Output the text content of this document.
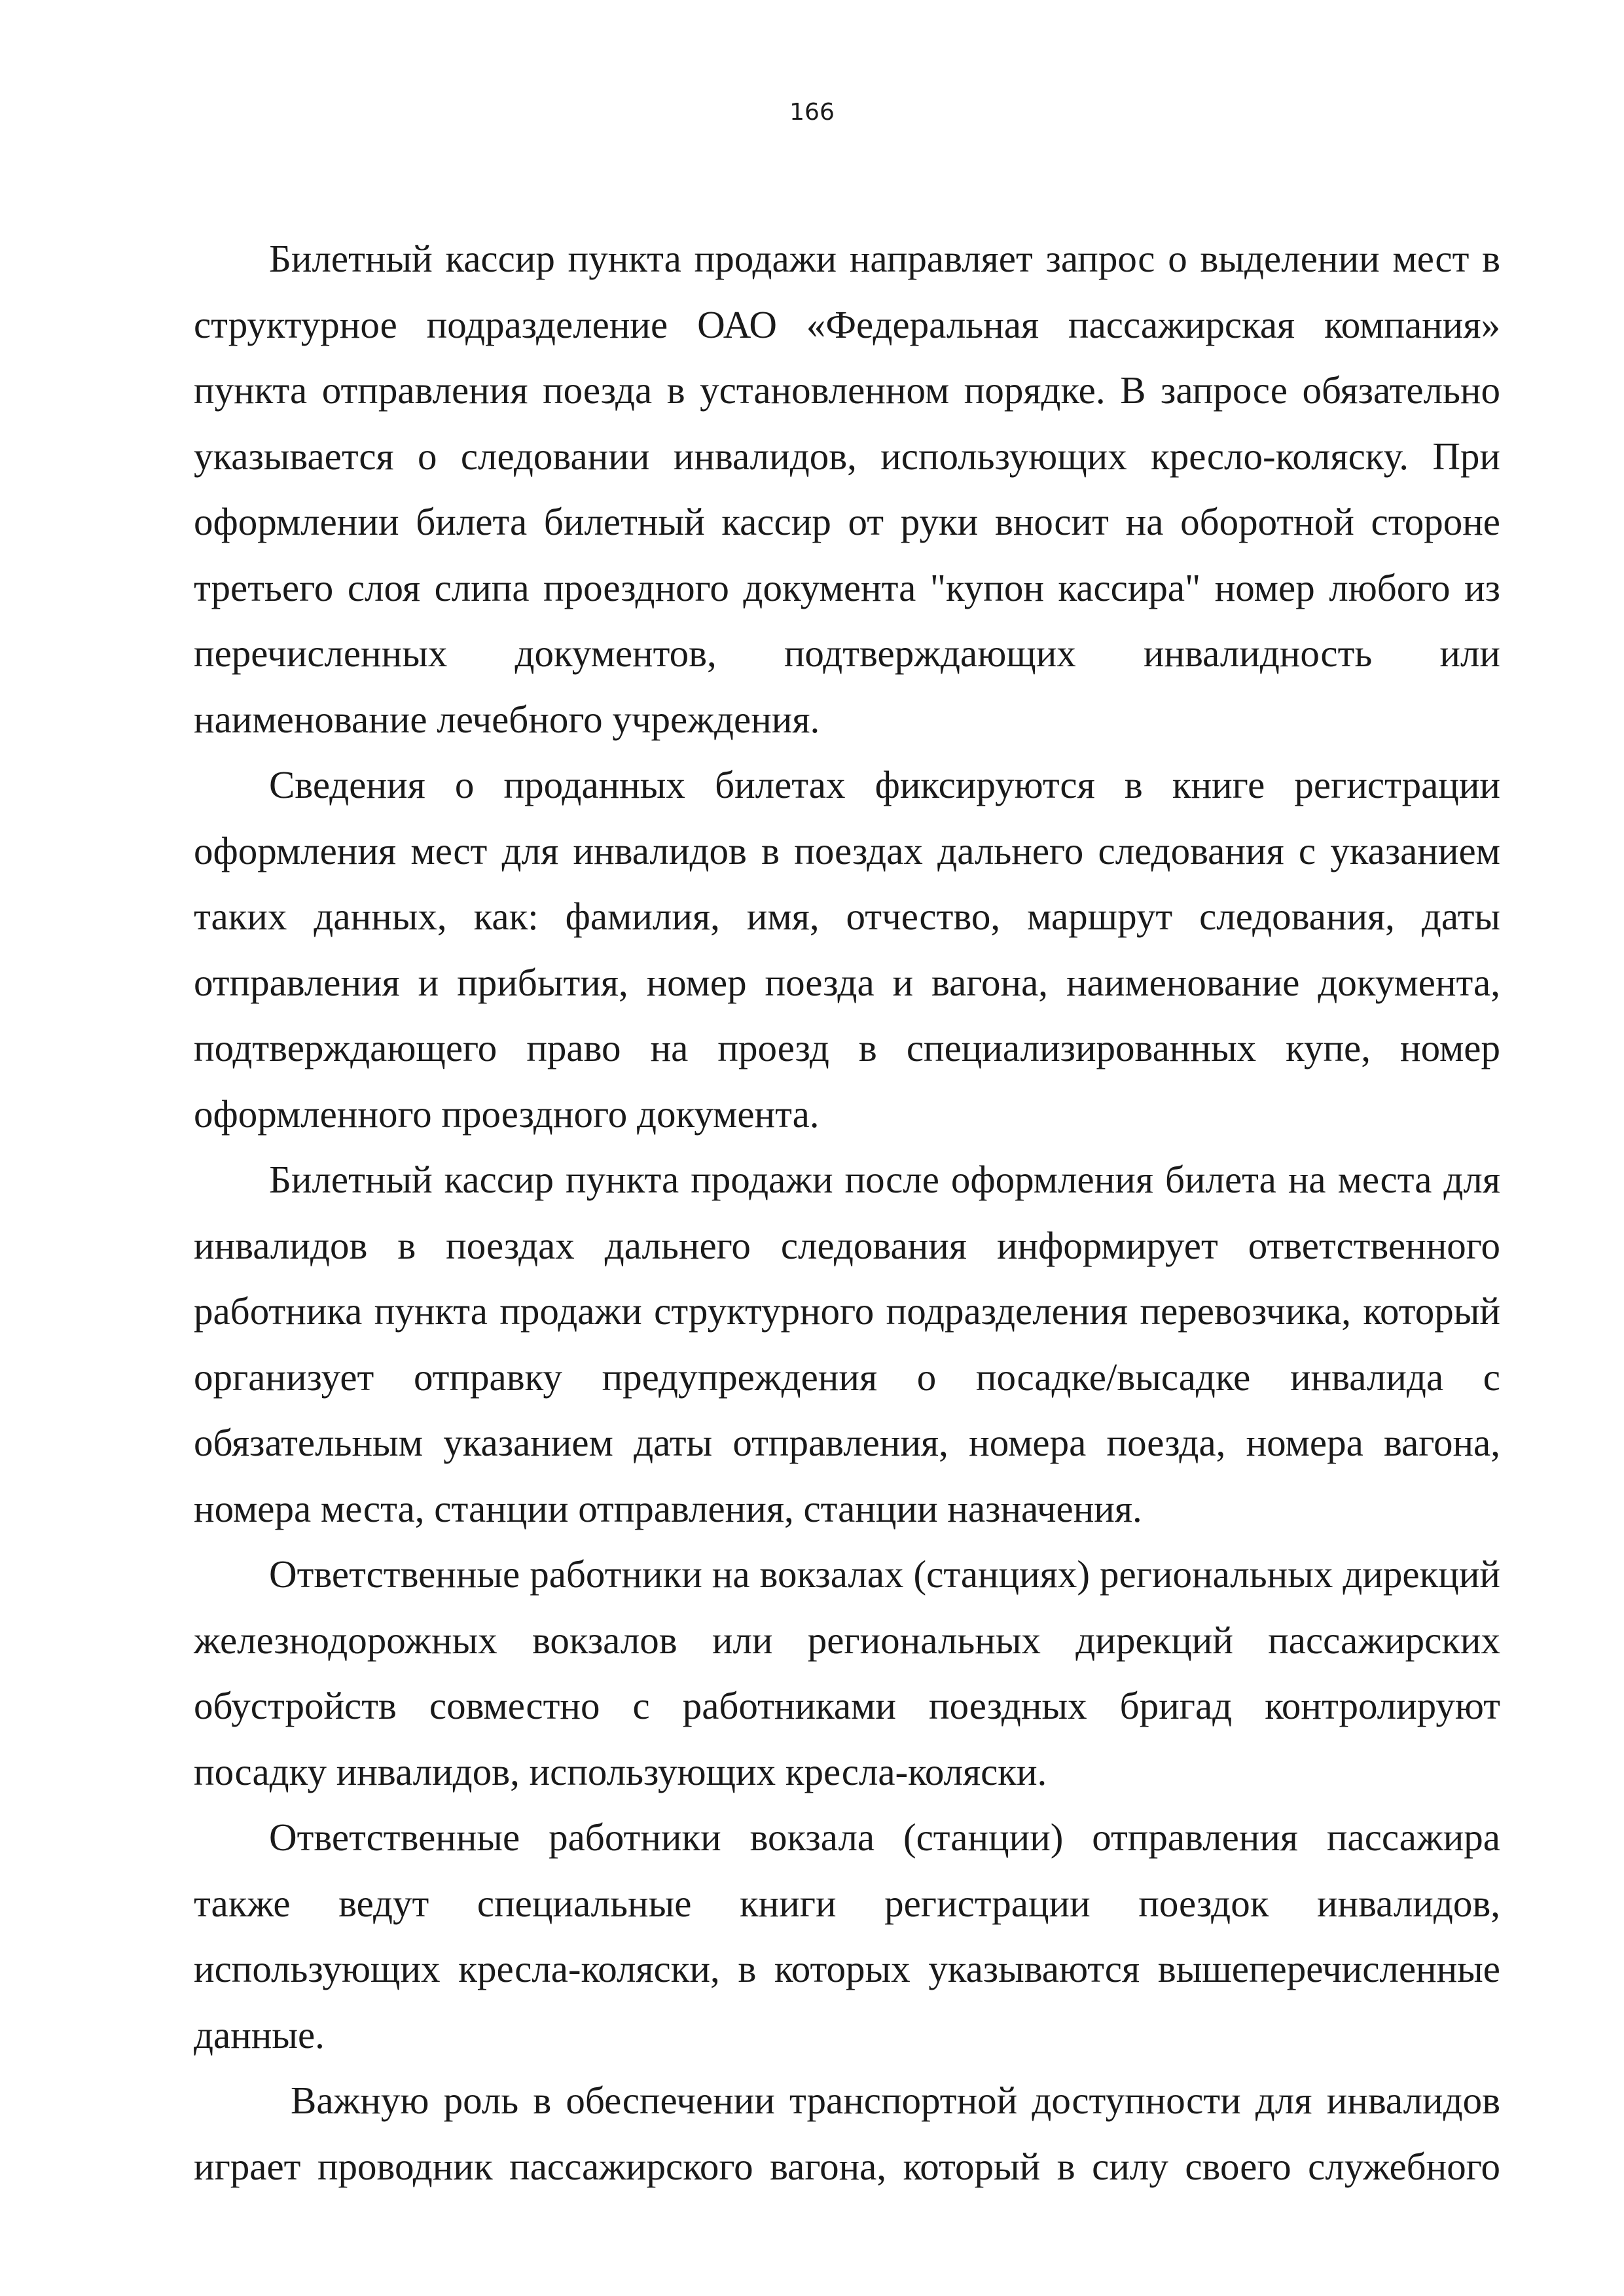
166

Билетный кассир пункта продажи направляет запрос о выделении мест в структурное подразделение ОАО «Федеральная пассажирская компания» пункта отправления поезда в установленном порядке. В запросе обязательно указывается о следовании инвалидов, использующих кресло-коляску. При оформлении билета билетный кассир от руки вносит на оборотной стороне третьего слоя слипа проездного документа "купон кассира" номер любого из перечисленных документов, подтверждающих инвалидность или наименование лечебного учреждения.

Сведения о проданных билетах фиксируются в книге регистрации оформления мест для инвалидов в поездах дальнего следования с указанием таких данных, как: фамилия, имя, отчество, маршрут следования, даты отправления и прибытия, номер поезда и вагона, наименование документа, подтверждающего право на проезд в специализированных купе, номер оформленного проездного документа.

Билетный кассир пункта продажи после оформления билета на места для инвалидов в поездах дальнего следования информирует ответственного работника пункта продажи структурного подразделения перевозчика, который организует отправку предупреждения о посадке/высадке инвалида с обязательным указанием даты отправления, номера поезда, номера вагона, номера места, станции отправления, станции назначения.

Ответственные работники на вокзалах (станциях) региональных дирекций железнодорожных вокзалов или региональных дирекций пассажирских обустройств совместно с работниками поездных бригад контролируют посадку инвалидов, использующих кресла-коляски.

Ответственные работники вокзала (станции) отправления пассажира также ведут специальные книги регистрации поездок инвалидов, использующих кресла-коляски, в которых указываются вышеперечисленные данные.

Важную роль в обеспечении транспортной доступности для инвалидов играет проводник пассажирского вагона, который в силу своего служебного
